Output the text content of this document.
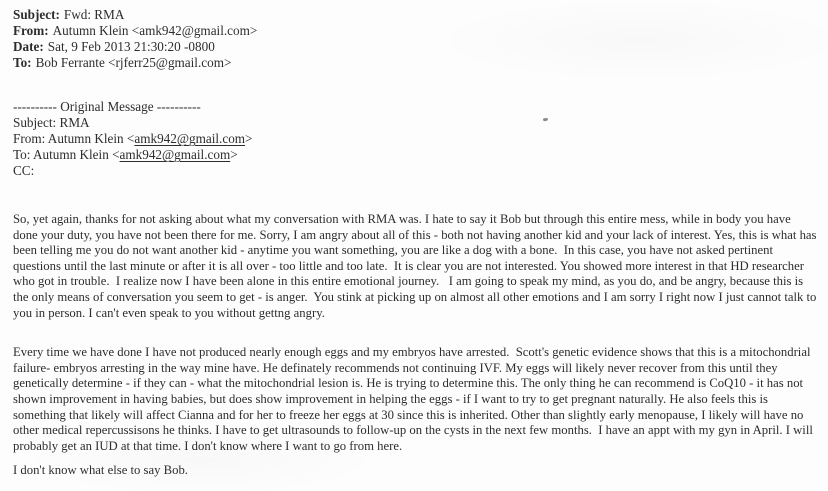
Subject: Fwd: RMA
From: Autumn Klein <amk942@gmail.com>
Date: Sat, 9 Feb 2013 21:30:20 -0800
To: Bob Ferrante <rjferr25@gmail.com>
---------- Original Message ----------
Subject: RMA
From: Autumn Klein <amk942@gmail.com>
To: Autumn Klein <amk942@gmail.com>
CC:
So, yet again, thanks for not asking about what my conversation with RMA was. I hate to say it Bob but through this entire mess, while in body you have done your duty, you have not been there for me. Sorry, I am angry about all of this - both not having another kid and your lack of interest. Yes, this is what has been telling me you do not want another kid - anytime you want something, you are like a dog with a bone.  In this case, you have not asked pertinent questions until the last minute or after it is all over - too little and too late.  It is clear you are not interested. You showed more interest in that HD researcher who got in trouble.  I realize now I have been alone in this entire emotional journey.   I am going to speak my mind, as you do, and be angry, because this is the only means of conversation you seem to get - is anger.  You stink at picking up on almost all other emotions and I am sorry I right now I just cannot talk to you in person. I can't even speak to you without gettng angry.
Every time we have done I have not produced nearly enough eggs and my embryos have arrested.  Scott's genetic evidence shows that this is a mitochondrial failure- embryos arresting in the way mine have. He definately recommends not continuing IVF. My eggs will likely never recover from this until they genetically determine - if they can - what the mitochondrial lesion is. He is trying to determine this. The only thing he can recommend is CoQ10 - it has not shown improvement in having babies, but does show improvement in helping the eggs - if I want to try to get pregnant naturally. He also feels this is something that likely will affect Cianna and for her to freeze her eggs at 30 since this is inherited. Other than slightly early menopause, I likely will have no other medical repercussisons he thinks. I have to get ultrasounds to follow-up on the cysts in the next few months.  I have an appt with my gyn in April. I will probably get an IUD at that time. I don't know where I want to go from here.
I don't know what else to say Bob.
